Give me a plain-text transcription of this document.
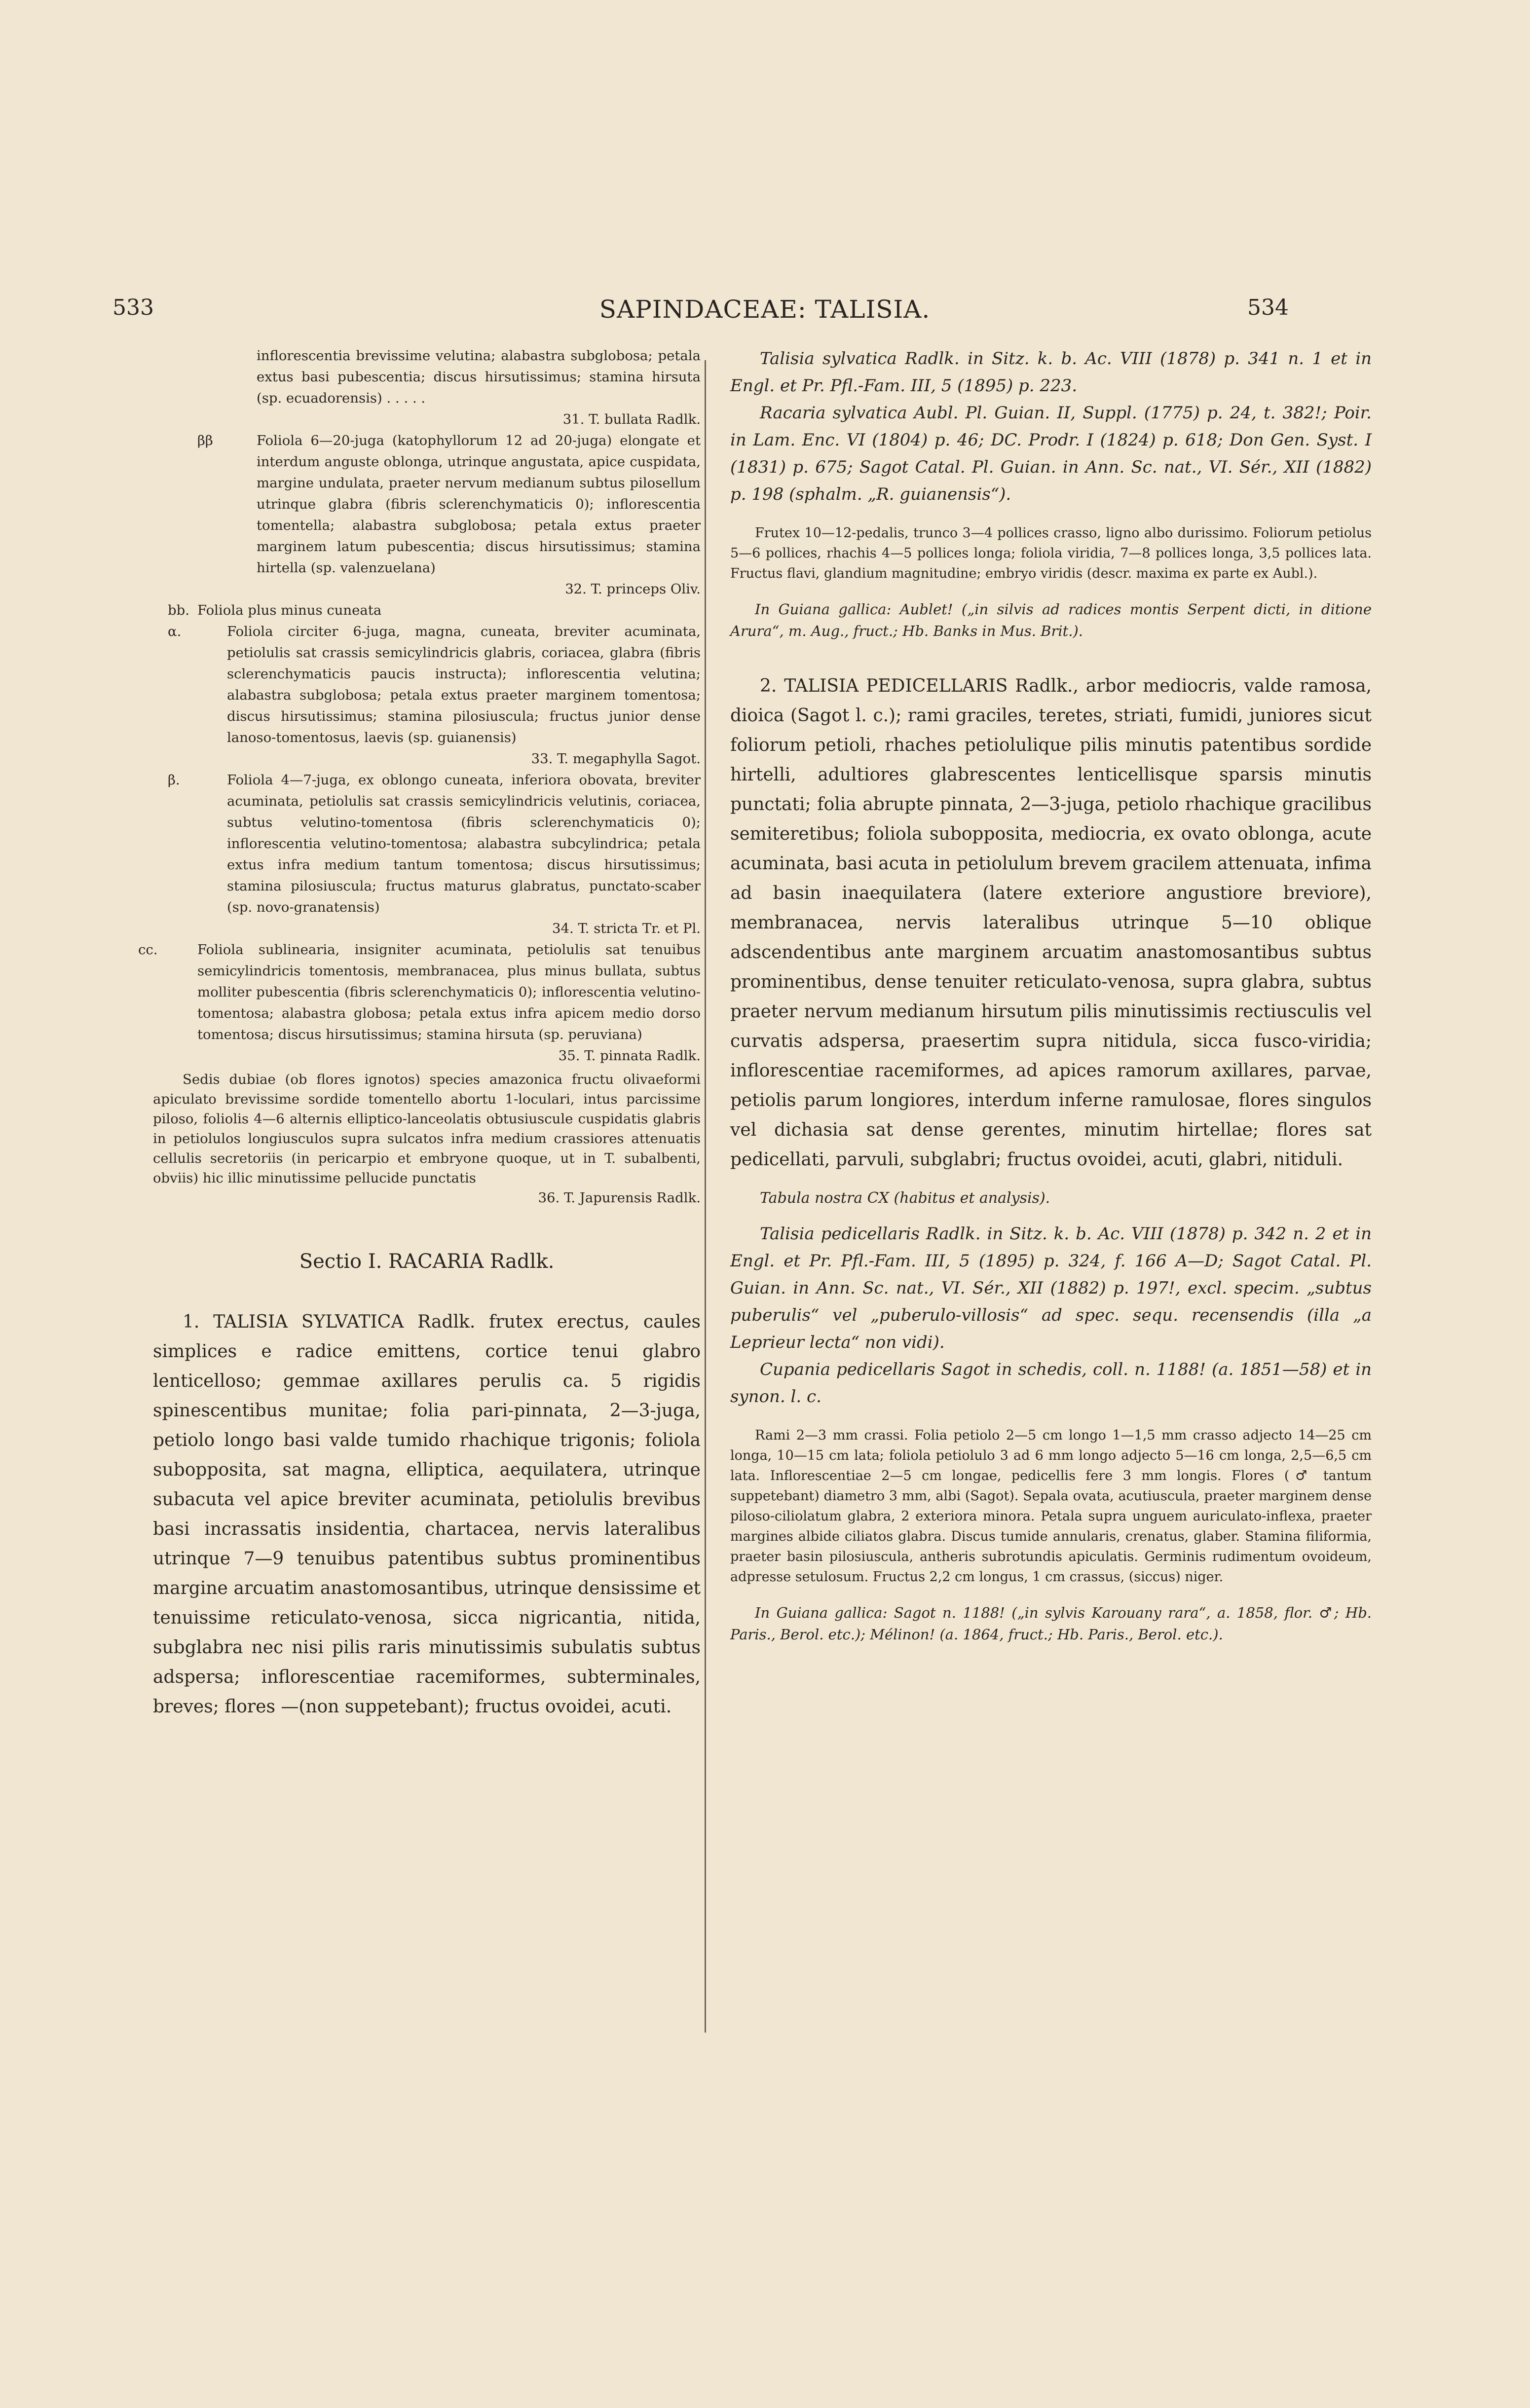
533	SAPINDACEAE: TALISIA.	534
inflorescentia brevissime velutina; alabastra subglobosa; petala extus basi pubescentia; discus hirsutissimus; stamina hirsuta (sp. ecuadorensis) . . . . .
31. T. bullata Radlk.
ββ	Foliola 6—20-juga (katophyllorum 12 ad 20-juga) elongate et interdum anguste oblonga, utrinque angustata, apice cuspidata, margine undulata, praeter nervum medianum subtus pilosellum utrinque glabra (fibris sclerenchymaticis 0); inflorescentia tomentella; alabastra subglobosa; petala extus praeter marginem latum pubescentia; discus hirsutissimus; stamina hirtella (sp. valenzuelana)
32. T. princeps Oliv.
bb. Foliola plus minus cuneata
α.	Foliola circiter 6-juga, magna, cuneata, breviter acuminata, petiolulis sat crassis semicylindricis glabris, coriacea, glabra (fibris sclerenchymaticis paucis instructa); inflorescentia velutina; alabastra subglobosa; petala extus praeter marginem tomentosa; discus hirsutissimus; stamina pilosiuscula; fructus junior dense lanoso-tomentosus, laevis (sp. guianensis)
33. T. megaphylla Sagot.
β.	Foliola 4—7-juga, ex oblongo cuneata, inferiora obovata, breviter acuminata, petiolulis sat crassis semicylindricis velutinis, coriacea, subtus velutino-tomentosa (fibris sclerenchymaticis 0); inflorescentia velutino-tomentosa; alabastra subcylindrica; petala extus infra medium tantum tomentosa; discus hirsutissimus; stamina pilosiuscula; fructus maturus glabratus, punctato-scaber (sp. novo-granatensis)
34. T. stricta Tr. et Pl.
cc.	Foliola sublinearia, insigniter acuminata, petiolulis sat tenuibus semicylindricis tomentosis, membranacea, plus minus bullata, subtus molliter pubescentia (fibris sclerenchymaticis 0); inflorescentia velutino-tomentosa; alabastra globosa; petala extus infra apicem medio dorso tomentosa; discus hirsutissimus; stamina hirsuta (sp. peruviana)
35. T. pinnata Radlk.
Sedis dubiae (ob flores ignotos) species amazonica fructu olivaeformi apiculato brevissime sordide tomentello abortu 1-loculari, intus parcissime piloso, foliolis 4—6 alternis elliptico-lanceolatis obtusiuscule cuspidatis glabris in petiolulos longiusculos supra sulcatos infra medium crassiores attenuatis cellulis secretoriis (in pericarpio et embryone quoque, ut in T. subalbenti, obviis) hic illic minutissime pellucide punctatis
36. T. Japurensis Radlk.
Sectio I. RACARIA Radlk.
1. TALISIA SYLVATICA Radlk. frutex erectus, caules simplices e radice emittens, cortice tenui glabro lenticelloso; gemmae axillares perulis ca. 5 rigidis spinescentibus munitae; folia pari-pinnata, 2—3-juga, petiolo longo basi valde tumido rhachique trigonis; foliola subopposita, sat magna, elliptica, aequilatera, utrinque subacuta vel apice breviter acuminata, petiolulis brevibus basi incrassatis insidentia, chartacea, nervis lateralibus utrinque 7—9 tenuibus patentibus subtus prominentibus margine arcuatim anastomosantibus, utrinque densissime et tenuissime reticulato-venosa, sicca nigricantia, nitida, subglabra nec nisi pilis raris minutissimis subulatis subtus adspersa; inflorescentiae racemiformes, subterminales, breves; flores —(non suppetebant); fructus ovoidei, acuti.

Talisia sylvatica Radlk. in Sitz. k. b. Ac. VIII (1878) p. 341 n. 1 et in Engl. et Pr. Pfl.-Fam. III, 5 (1895) p. 223.

Racaria sylvatica Aubl. Pl. Guian. II, Suppl. (1775) p. 24, t. 382!; Poir. in Lam. Enc. VI (1804) p. 46; DC. Prodr. I (1824) p. 618; Don Gen. Syst. I (1831) p. 675; Sagot Catal. Pl. Guian. in Ann. Sc. nat., VI. Sér., XII (1882) p. 198 (sphalm. „R. guianensis“).

Frutex 10—12-pedalis, trunco 3—4 pollices crasso, ligno albo durissimo. Foliorum petiolus 5—6 pollices, rhachis 4—5 pollices longa; foliola viridia, 7—8 pollices longa, 3,5 pollices lata. Fructus flavi, glandium magnitudine; embryo viridis (descr. maxima ex parte ex Aubl.).

In Guiana gallica: Aublet! („in silvis ad radices montis Serpent dicti, in ditione Arura“, m. Aug., fruct.; Hb. Banks in Mus. Brit.).
2. TALISIA PEDICELLARIS Radlk., arbor mediocris, valde ramosa, dioica (Sagot l. c.); rami graciles, teretes, striati, fumidi, juniores sicut foliorum petioli, rhaches petiolulique pilis minutis patentibus sordide hirtelli, adultiores glabrescentes lenticellisque sparsis minutis punctati; folia abrupte pinnata, 2—3-juga, petiolo rhachique gracilibus semiteretibus; foliola subopposita, mediocria, ex ovato oblonga, acute acuminata, basi acuta in petiolulum brevem gracilem attenuata, infima ad basin inaequilatera (latere exteriore angustiore breviore), membranacea, nervis lateralibus utrinque 5—10 oblique adscendentibus ante marginem arcuatim anastomosantibus subtus prominentibus, dense tenuiter reticulato-venosa, supra glabra, subtus praeter nervum medianum hirsutum pilis minutissimis rectiusculis vel curvatis adspersa, praesertim supra nitidula, sicca fusco-viridia; inflorescentiae racemiformes, ad apices ramorum axillares, parvae, petiolis parum longiores, interdum inferne ramulosae, flores singulos vel dichasia sat dense gerentes, minutim hirtellae; flores sat pedicellati, parvuli, subglabri; fructus ovoidei, acuti, glabri, nitiduli.
Tabula nostra CX (habitus et analysis).

Talisia pedicellaris Radlk. in Sitz. k. b. Ac. VIII (1878) p. 342 n. 2 et in Engl. et Pr. Pfl.-Fam. III, 5 (1895) p. 324, f. 166 A—D; Sagot Catal. Pl. Guian. in Ann. Sc. nat., VI. Sér., XII (1882) p. 197!, excl. specim. „subtus puberulis“ vel „puberulo-villosis“ ad spec. sequ. recensendis (illa „a Leprieur lecta“ non vidi).

Cupania pedicellaris Sagot in schedis, coll. n. 1188! (a. 1851—58) et in synon. l. c.

Rami 2—3 mm crassi. Folia petiolo 2—5 cm longo 1—1,5 mm crasso adjecto 14—25 cm longa, 10—15 cm lata; foliola petiolulo 3 ad 6 mm longo adjecto 5—16 cm longa, 2,5—6,5 cm lata. Inflorescentiae 2—5 cm longae, pedicellis fere 3 mm longis. Flores (♂ tantum suppetebant) diametro 3 mm, albi (Sagot). Sepala ovata, acutiuscula, praeter marginem dense piloso-ciliolatum glabra, 2 exteriora minora. Petala supra unguem auriculato-inflexa, praeter margines albide ciliatos glabra. Discus tumide annularis, crenatus, glaber. Stamina filiformia, praeter basin pilosiuscula, antheris subrotundis apiculatis. Germinis rudimentum ovoideum, adpresse setulosum. Fructus 2,2 cm longus, 1 cm crassus, (siccus) niger.

In Guiana gallica: Sagot n. 1188! („in sylvis Karouany rara“, a. 1858, flor. ♂; Hb. Paris., Berol. etc.); Mélinon! (a. 1864, fruct.; Hb. Paris., Berol. etc.).
